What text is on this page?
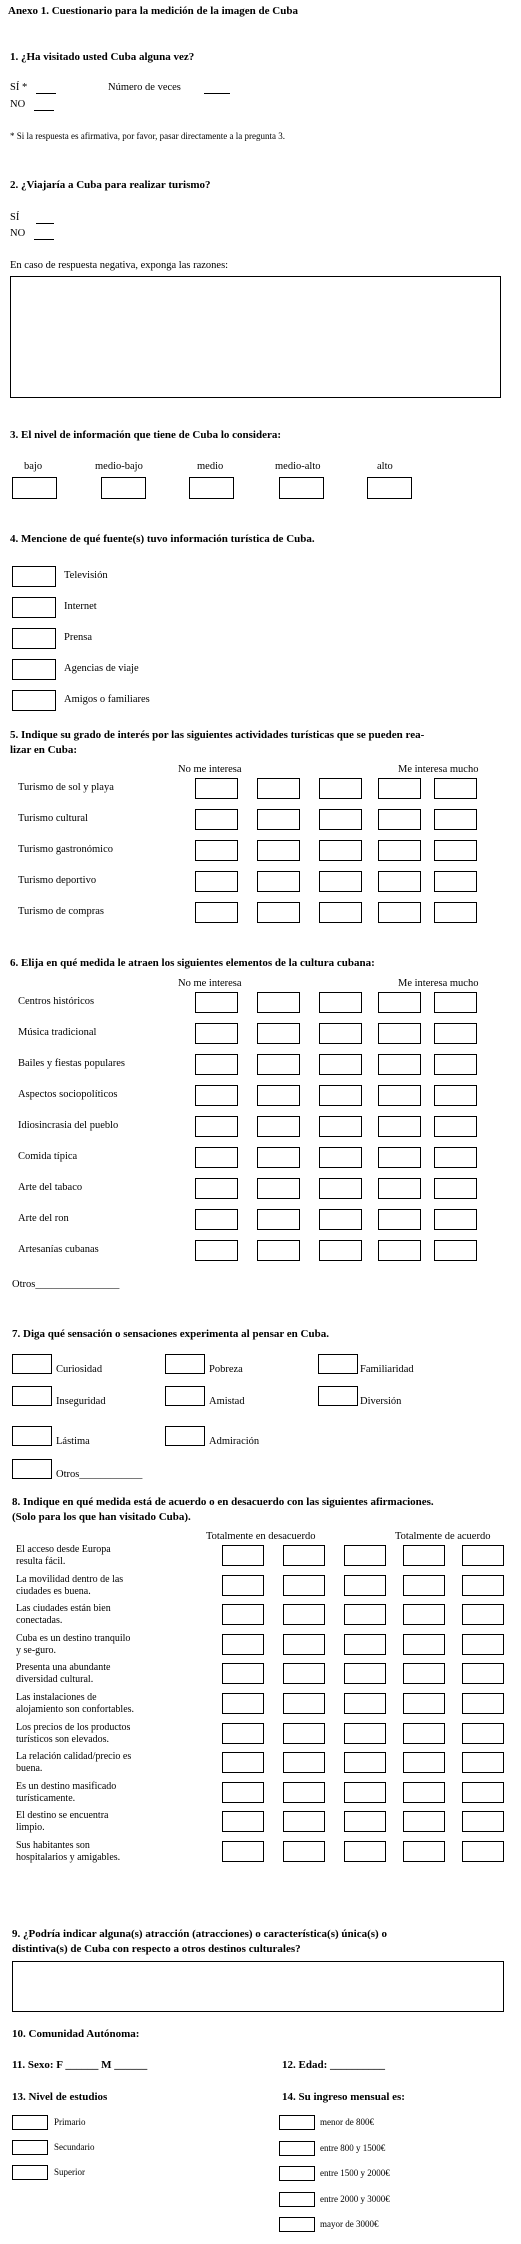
Anexo 1. Cuestionario para la medición de la imagen de Cuba
1. ¿Ha visitado usted Cuba alguna vez?
SÍ *	Número de veces
NO
* Si la respuesta es afirmativa, por favor, pasar directamente a la pregunta 3.
2. ¿Viajaría a Cuba para realizar turismo?
SÍ
NO
En caso de respuesta negativa, exponga las razones:
3. El nivel de información que tiene de Cuba lo considera:
bajo	medio-bajo	medio	medio-alto	alto
4. Mencione de qué fuente(s) tuvo información turística de Cuba.
Televisión
Internet
Prensa
Agencias de viaje
Amigos o familiares
5. Indique su grado de interés por las siguientes actividades turísticas que se pueden rea-
lizar en Cuba:
No me interesa	Me interesa mucho
Turismo de sol y playa
Turismo cultural
Turismo gastronómico
Turismo deportivo
Turismo de compras
6. Elija en qué medida le atraen los siguientes elementos de la cultura cubana:
No me interesa	Me interesa mucho
Centros históricos
Música tradicional
Bailes y fiestas populares
Aspectos sociopolíticos
Idiosincrasia del pueblo
Comida típica
Arte del tabaco
Arte del ron
Artesanías cubanas
Otros________________
7. Diga qué sensación o sensaciones experimenta al pensar en Cuba.
Curiosidad	Pobreza	Familiaridad
Inseguridad	Amistad	Diversión
Lástima	Admiración
Otros____________
8. Indique en qué medida está de acuerdo o en desacuerdo con las siguientes afirmaciones.
(Solo para los que han visitado Cuba).
Totalmente en desacuerdo	Totalmente de acuerdo
El acceso desde Europa resulta fácil.
La movilidad dentro de las ciudades es buena.
Las ciudades están bien conectadas.
Cuba es un destino tranquilo y se-guro.
Presenta una abundante diversidad cultural.
Las instalaciones de alojamiento son confortables.
Los precios de los productos turísticos son elevados.
La relación calidad/precio es buena.
Es un destino masificado turísticamente.
El destino se encuentra limpio.
Sus habitantes son hospitalarios y amigables.
9. ¿Podría indicar alguna(s) atracción (atracciones) o característica(s) única(s) o
distintiva(s) de Cuba con respecto a otros destinos culturales?
10. Comunidad Autónoma:
11. Sexo: F ______ M ______	12. Edad: __________
13. Nivel de estudios	14. Su ingreso mensual es:
Primario
Secundario
Superior
menor de 800€
entre 800 y 1500€
entre 1500 y 2000€
entre 2000 y 3000€
mayor de 3000€
